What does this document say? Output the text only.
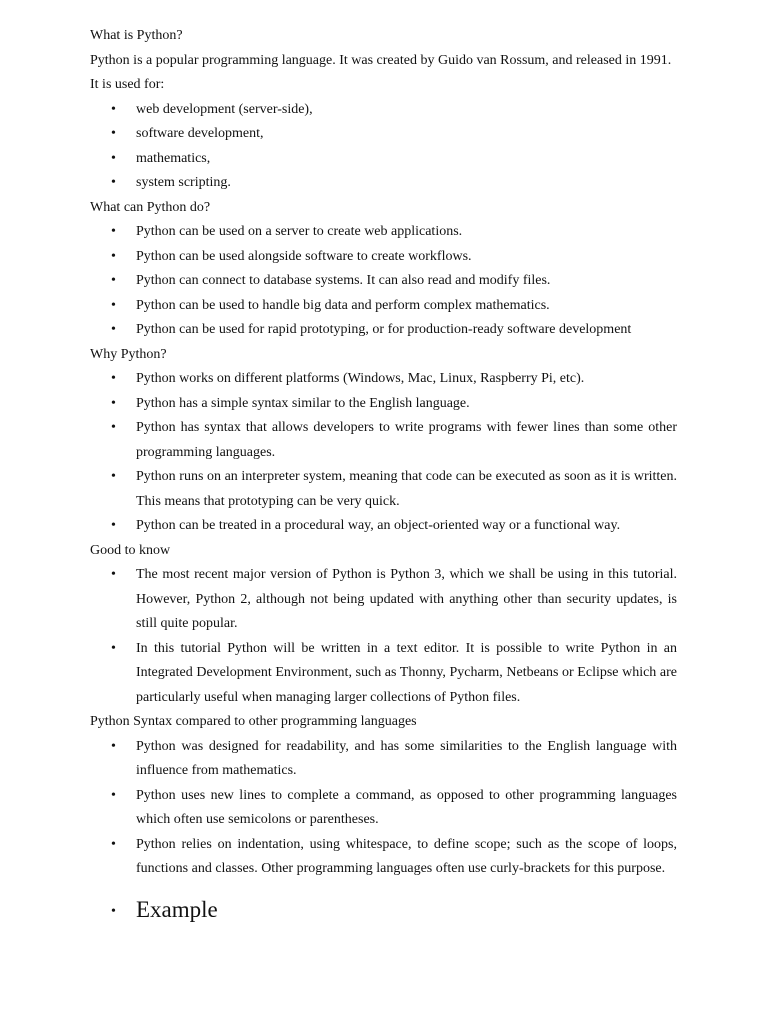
What is Python?

Python is a popular programming language. It was created by Guido van Rossum, and released in 1991.

It is used for:

• web development (server-side),
• software development,
• mathematics,
• system scripting.

What can Python do?

• Python can be used on a server to create web applications.
• Python can be used alongside software to create workflows.
• Python can connect to database systems. It can also read and modify files.
• Python can be used to handle big data and perform complex mathematics.
• Python can be used for rapid prototyping, or for production-ready software development

Why Python?

• Python works on different platforms (Windows, Mac, Linux, Raspberry Pi, etc).
• Python has a simple syntax similar to the English language.
• Python has syntax that allows developers to write programs with fewer lines than some other programming languages.
• Python runs on an interpreter system, meaning that code can be executed as soon as it is written. This means that prototyping can be very quick.
• Python can be treated in a procedural way, an object-oriented way or a functional way.

Good to know

• The most recent major version of Python is Python 3, which we shall be using in this tutorial. However, Python 2, although not being updated with anything other than security updates, is still quite popular.
• In this tutorial Python will be written in a text editor. It is possible to write Python in an Integrated Development Environment, such as Thonny, Pycharm, Netbeans or Eclipse which are particularly useful when managing larger collections of Python files.

Python Syntax compared to other programming languages

• Python was designed for readability, and has some similarities to the English language with influence from mathematics.
• Python uses new lines to complete a command, as opposed to other programming languages which often use semicolons or parentheses.
• Python relies on indentation, using whitespace, to define scope; such as the scope of loops, functions and classes. Other programming languages often use curly-brackets for this purpose.
• Example
